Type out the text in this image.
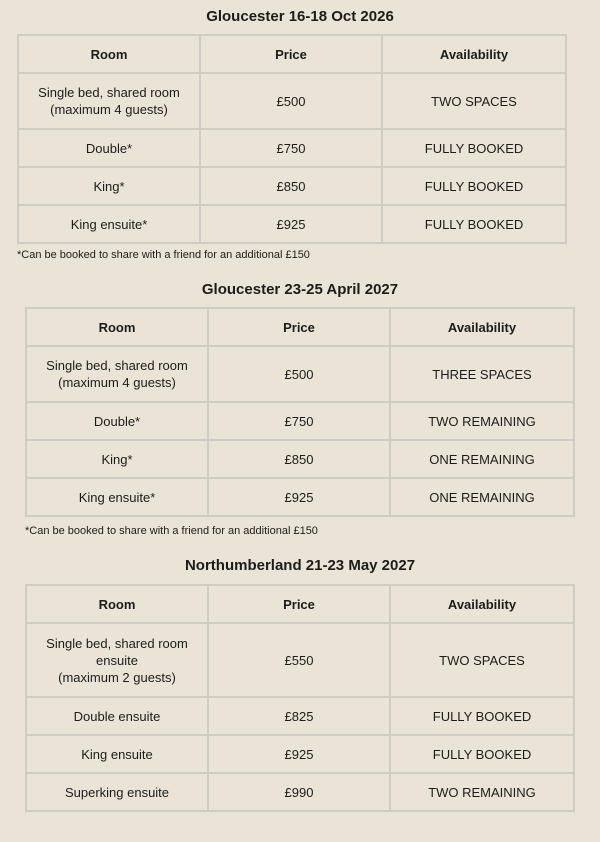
Gloucester 16-18 Oct 2026
Room	Price	Availability
Single bed, shared room
(maximum 4 guests)	£500	TWO SPACES
Double*	£750	FULLY BOOKED
King*	£850	FULLY BOOKED
King ensuite*	£925	FULLY BOOKED
*Can be booked to share with a friend for an additional £150
Gloucester 23-25 April 2027
Room	Price	Availability
Single bed, shared room
(maximum 4 guests)	£500	THREE SPACES
Double*	£750	TWO REMAINING
King*	£850	ONE REMAINING
King ensuite*	£925	ONE REMAINING
*Can be booked to share with a friend for an additional £150
Northumberland 21-23 May 2027
Room	Price	Availability
Single bed, shared room
ensuite
(maximum 2 guests)	£550	TWO SPACES
Double ensuite	£825	FULLY BOOKED
King ensuite	£925	FULLY BOOKED
Superking ensuite	£990	TWO REMAINING
